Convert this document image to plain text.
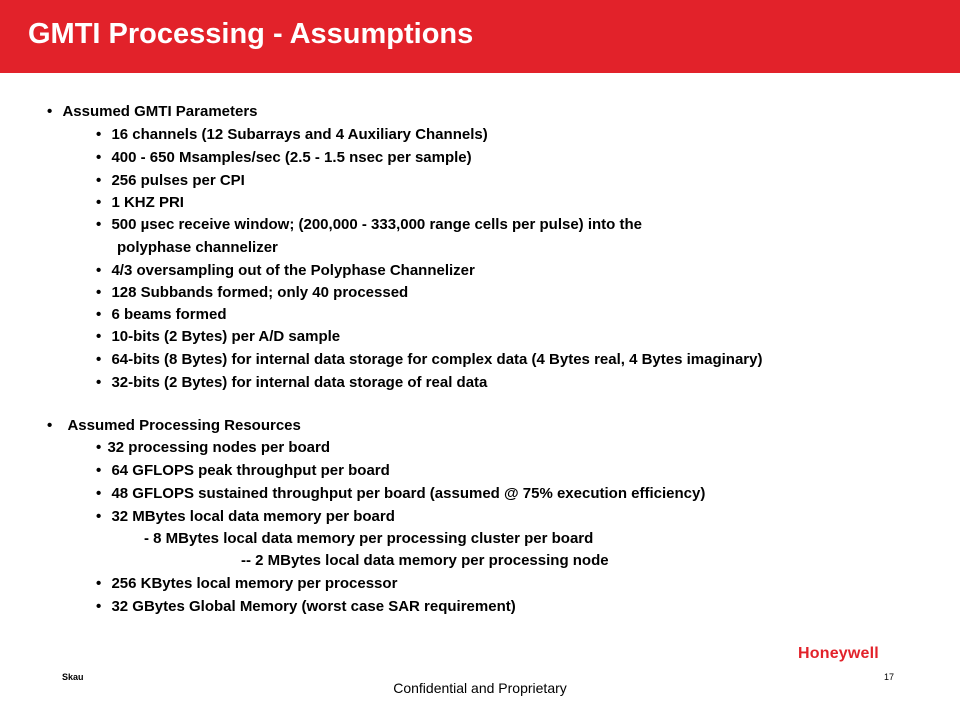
GMTI Processing - Assumptions
• Assumed GMTI Parameters
• 16 channels (12 Subarrays and 4 Auxiliary Channels)
• 400 - 650 Msamples/sec (2.5 - 1.5 nsec per sample)
• 256 pulses per CPI
• 1 KHZ PRI
• 500 µsec receive window; (200,000 - 333,000 range cells per pulse) into the
polyphase channelizer
• 4/3 oversampling out of the Polyphase Channelizer
• 128 Subbands formed; only 40 processed
• 6 beams formed
• 10-bits (2 Bytes) per A/D sample
• 64-bits (8 Bytes) for internal data storage for complex data (4 Bytes real, 4 Bytes imaginary)
• 32-bits (2 Bytes) for internal data storage of real data
• Assumed Processing Resources
• 32 processing nodes per board
• 64 GFLOPS peak throughput per board
• 48 GFLOPS sustained throughput per board (assumed @ 75% execution efficiency)
• 32 MBytes local data memory per board
- 8 MBytes local data memory per processing cluster per board
-- 2 MBytes local data memory per processing node
• 256 KBytes local memory per processor
• 32 GBytes Global Memory (worst case SAR requirement)
Honeywell
Skau	17
Confidential and Proprietary
